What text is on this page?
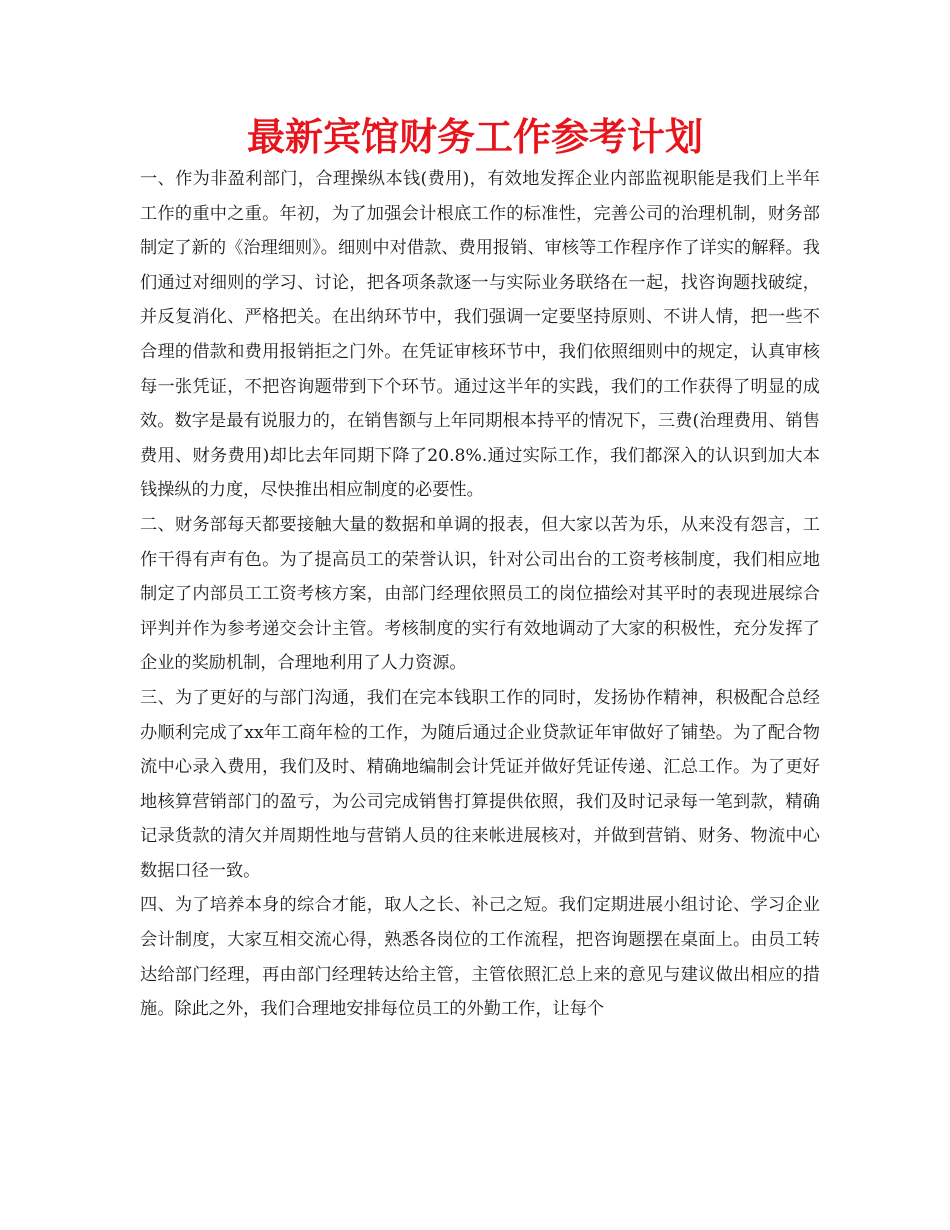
最新宾馆财务工作参考计划

一、作为非盈利部门，合理操纵本钱(费用)，有效地发挥企业内部监视职能是我们上半年工作的重中之重。年初，为了加强会计根底工作的标准性，完善公司的治理机制，财务部制定了新的《治理细则》。细则中对借款、费用报销、审核等工作程序作了详实的解释。我们通过对细则的学习、讨论，把各项条款逐一与实际业务联络在一起，找咨询题找破绽，并反复消化、严格把关。在出纳环节中，我们强调一定要坚持原则、不讲人情，把一些不合理的借款和费用报销拒之门外。在凭证审核环节中，我们依照细则中的规定，认真审核每一张凭证，不把咨询题带到下个环节。通过这半年的实践，我们的工作获得了明显的成效。数字是最有说服力的，在销售额与上年同期根本持平的情况下，三费(治理费用、销售费用、财务费用)却比去年同期下降了20.8%.通过实际工作，我们都深入的认识到加大本钱操纵的力度，尽快推出相应制度的必要性。

二、财务部每天都要接触大量的数据和单调的报表，但大家以苦为乐，从来没有怨言，工作干得有声有色。为了提高员工的荣誉认识，针对公司出台的工资考核制度，我们相应地制定了内部员工工资考核方案，由部门经理依照员工的岗位描绘对其平时的表现进展综合评判并作为参考递交会计主管。考核制度的实行有效地调动了大家的积极性，充分发挥了企业的奖励机制，合理地利用了人力资源。

三、为了更好的与部门沟通，我们在完本钱职工作的同时，发扬协作精神，积极配合总经办顺利完成了xx年工商年检的工作，为随后通过企业贷款证年审做好了铺垫。为了配合物流中心录入费用，我们及时、精确地编制会计凭证并做好凭证传递、汇总工作。为了更好地核算营销部门的盈亏，为公司完成销售打算提供依照，我们及时记录每一笔到款，精确记录货款的清欠并周期性地与营销人员的往来帐进展核对，并做到营销、财务、物流中心数据口径一致。

四、为了培养本身的综合才能，取人之长、补己之短。我们定期进展小组讨论、学习企业会计制度，大家互相交流心得，熟悉各岗位的工作流程，把咨询题摆在桌面上。由员工转达给部门经理，再由部门经理转达给主管，主管依照汇总上来的意见与建议做出相应的措施。除此之外，我们合理地安排每位员工的外勤工作，让每个
